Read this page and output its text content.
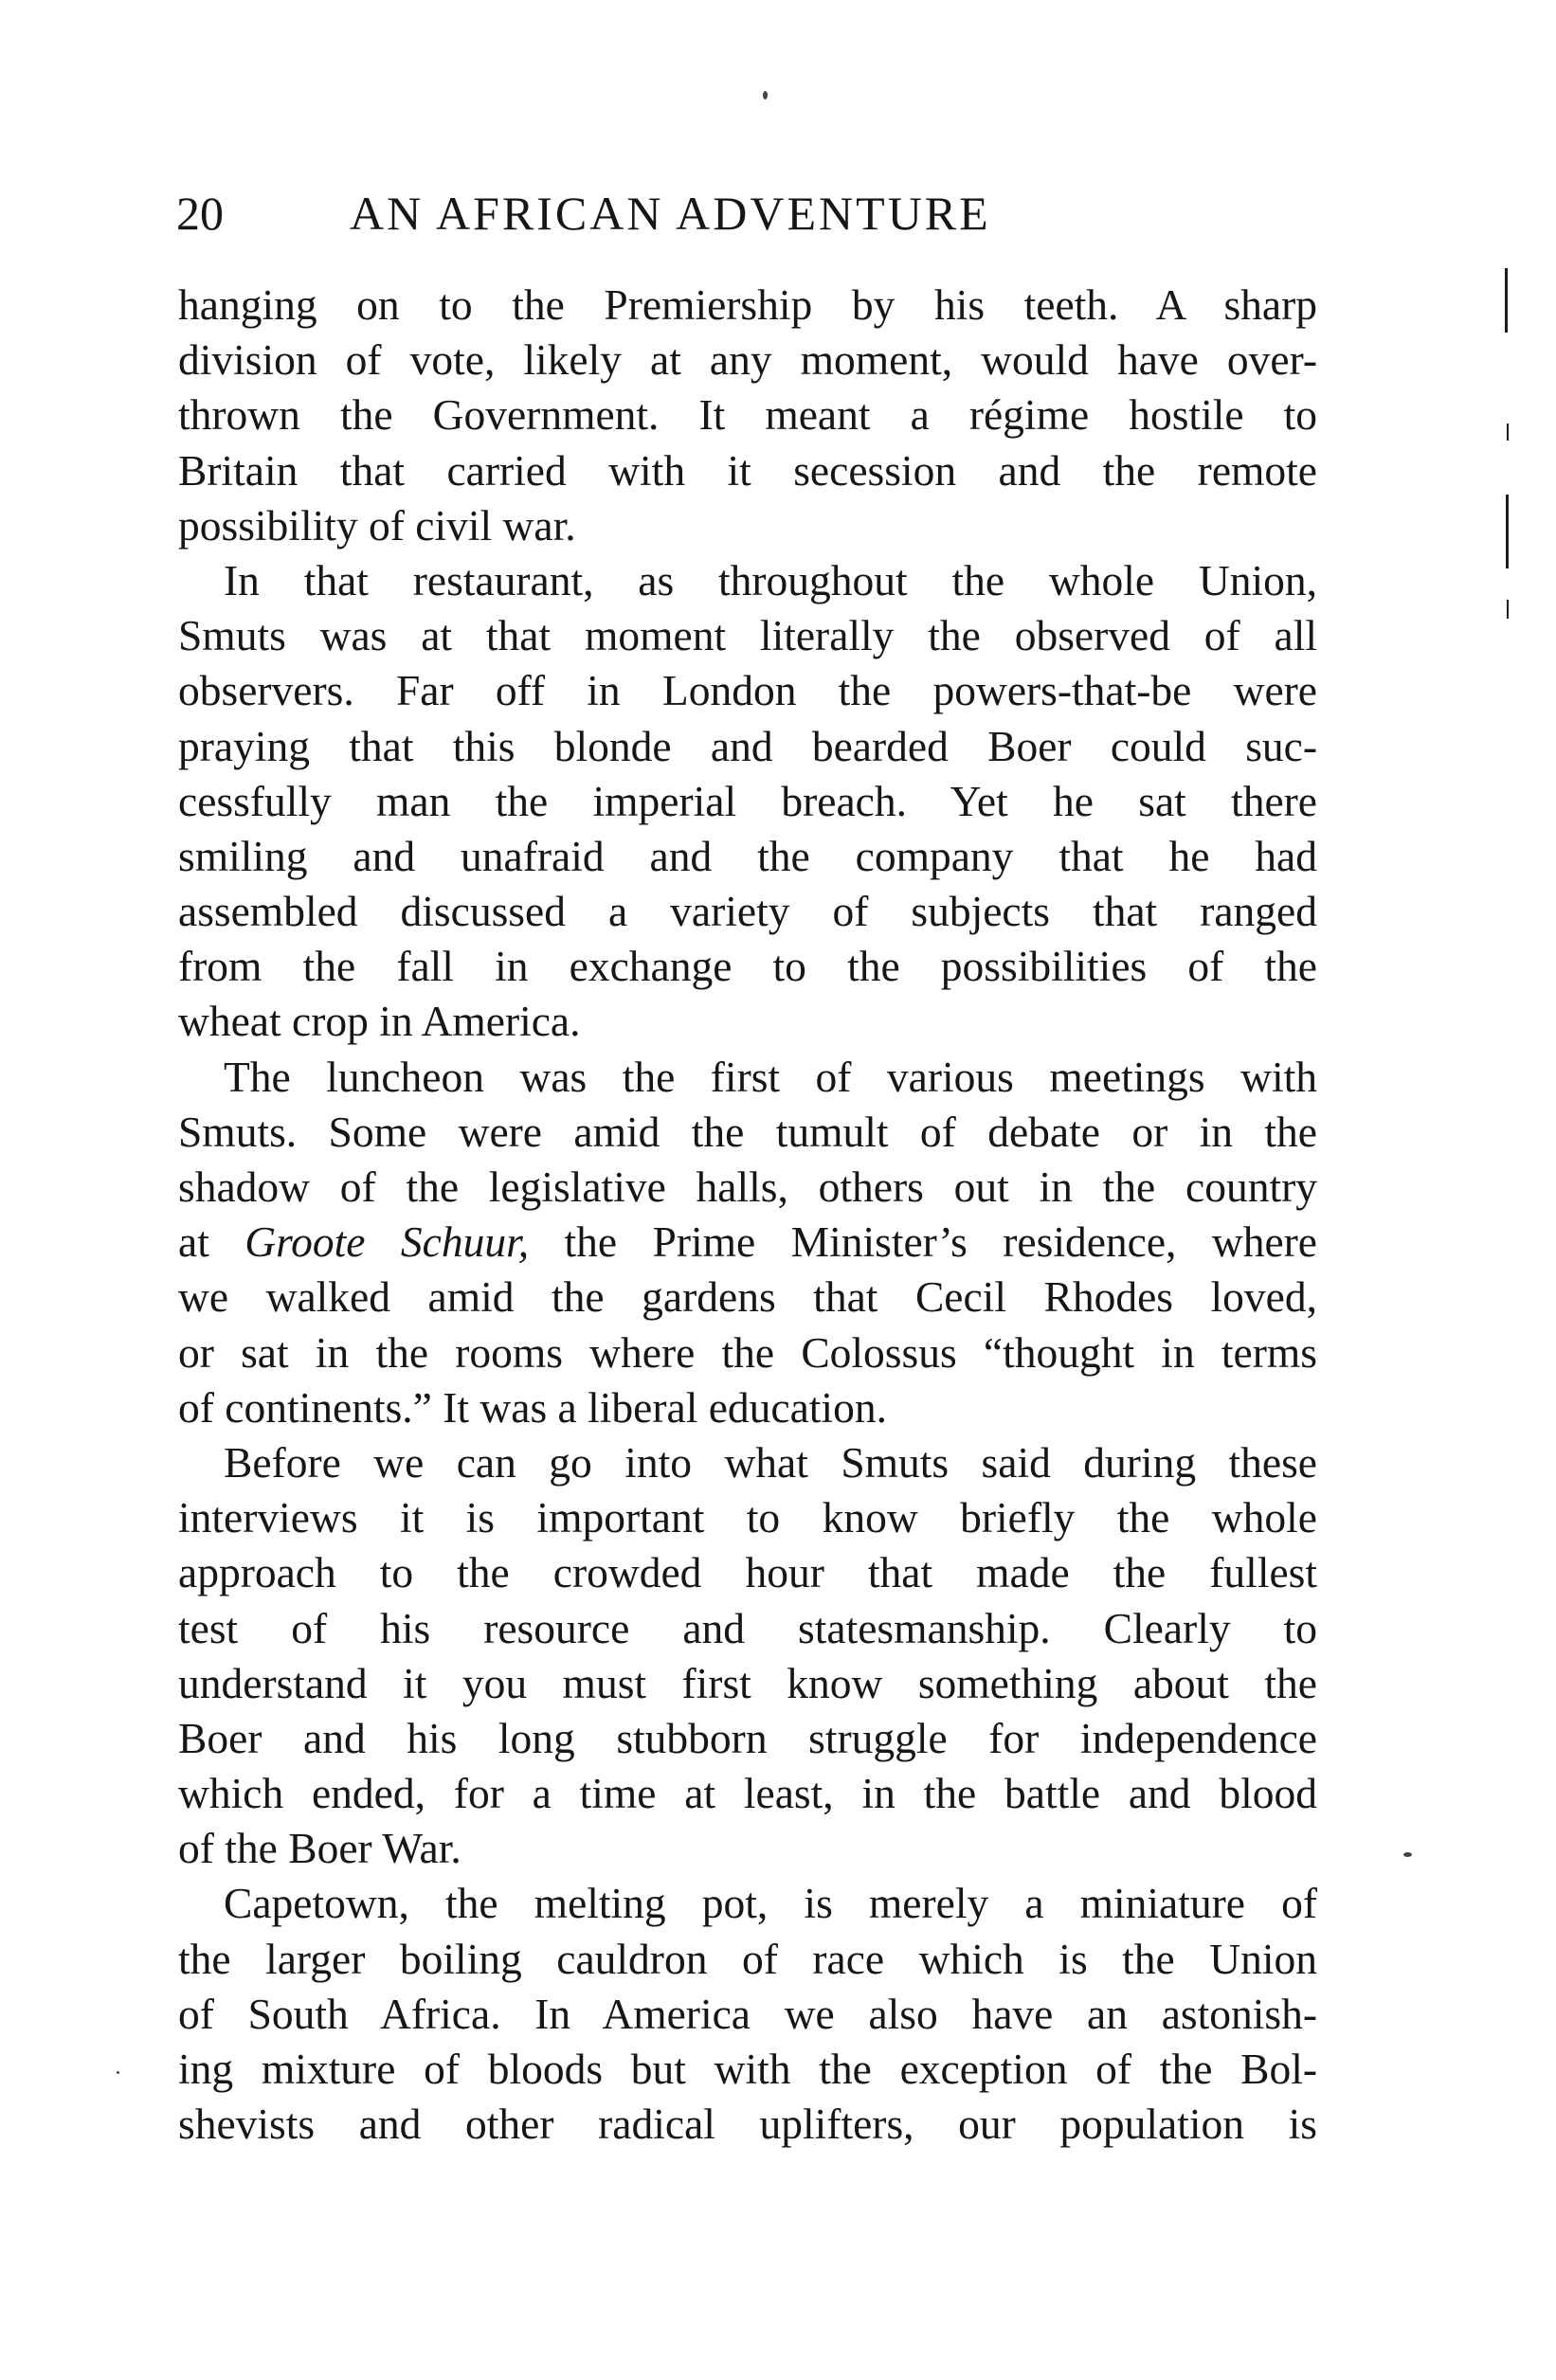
20	AN AFRICAN ADVENTURE
hanging on to the Premiership by his teeth. A sharp
division of vote, likely at any moment, would have over-
thrown the Government. It meant a régime hostile to
Britain that carried with it secession and the remote
possibility of civil war.
In that restaurant, as throughout the whole Union,
Smuts was at that moment literally the observed of all
observers. Far off in London the powers-that-be were
praying that this blonde and bearded Boer could suc-
cessfully man the imperial breach. Yet he sat there
smiling and unafraid and the company that he had
assembled discussed a variety of subjects that ranged
from the fall in exchange to the possibilities of the
wheat crop in America.
The luncheon was the first of various meetings with
Smuts. Some were amid the tumult of debate or in the
shadow of the legislative halls, others out in the country
at Groote Schuur, the Prime Minister’s residence, where
we walked amid the gardens that Cecil Rhodes loved,
or sat in the rooms where the Colossus “thought in terms
of continents.” It was a liberal education.
Before we can go into what Smuts said during these
interviews it is important to know briefly the whole
approach to the crowded hour that made the fullest
test of his resource and statesmanship. Clearly to
understand it you must first know something about the
Boer and his long stubborn struggle for independence
which ended, for a time at least, in the battle and blood
of the Boer War.
Capetown, the melting pot, is merely a miniature of
the larger boiling cauldron of race which is the Union
of South Africa. In America we also have an astonish-
ing mixture of bloods but with the exception of the Bol-
shevists and other radical uplifters, our population is
